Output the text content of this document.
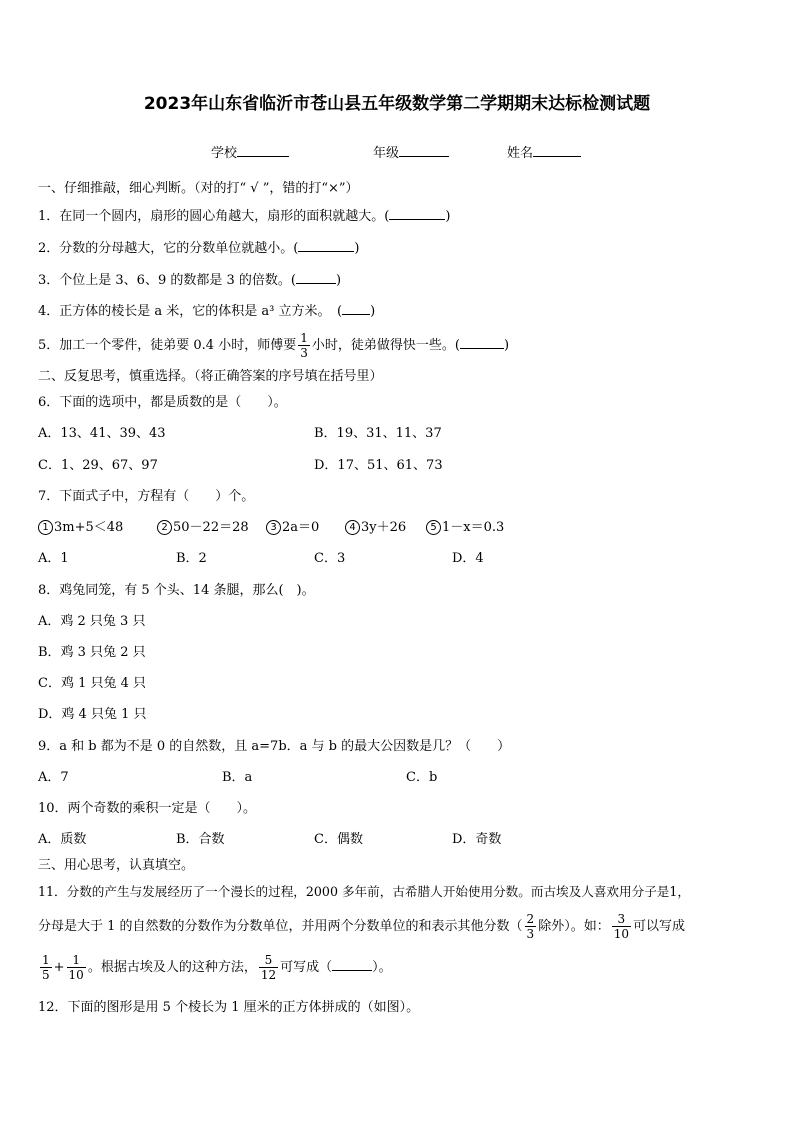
2023年山东省临沂市苍山县五年级数学第二学期期末达标检测试题
学校	年级	姓名
一、仔细推敲，细心判断。（对的打“ √ ”，错的打“×”）
1．在同一个圆内，扇形的圆心角越大，扇形的面积就越大。(	)
2．分数的分母越大，它的分数单位就越小。(	)
3．个位上是 3、6、9 的数都是 3 的倍数。(	)
4．正方体的棱长是 a 米，它的体积是 a³ 立方米。　( )
5．加工一个零件，徒弟要 0.4 小时，师傅要 $\frac{1}{3}$ 小时，徒弟做得快一些。(	)
二、反复思考，慎重选择。（将正确答案的序号填在括号里）
6．下面的选项中，都是质数的是（　　）。
A．13、41、39、43	B．19、31、11、37
C．1、29、67、97	D．17、51、61、73
7．下面式子中，方程有（　　）个。
1 3m+5＜48	2 50－22＝28	3 2a＝0	4 3y＋26	5 1－x＝0.3
A．1	B．2	C．3	D．4
8．鸡兔同笼，有 5 个头、14 条腿，那么(　)。
A．鸡 2 只兔 3 只
B．鸡 3 只兔 2 只
C．鸡 1 只兔 4 只
D．鸡 4 只兔 1 只
9．a 和 b 都为不是 0 的自然数，且 a=7b．a 与 b 的最大公因数是几？（　　）
A．7	B．a	C．b
10．两个奇数的乘积一定是（　　）。
A．质数	B．合数	C．偶数	D．奇数
三、用心思考，认真填空。
11．分数的产生与发展经历了一个漫长的过程，2000 多年前，古希腊人开始使用分数。而古埃及人喜欢用分子是1，
分母是大于 1 的自然数的分数作为分数单位，并用两个分数单位的和表示其他分数（ $\frac{2}{3}$ 除外）。如： $\frac{3}{10}$ 可以写成
$\frac{1}{5} + \frac{1}{10}$ 。根据古埃及人的这种方法， $\frac{5}{12}$ 可写成（	）。
12．下面的图形是用 5 个棱长为 1 厘米的正方体拼成的（如图）。
